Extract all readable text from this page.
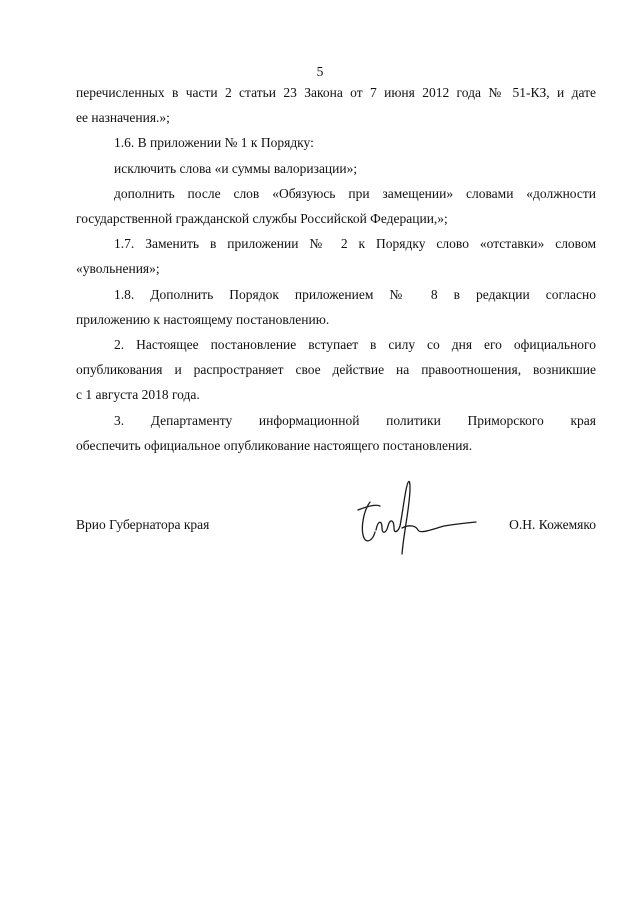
5
перечисленных в части 2 статьи 23 Закона от 7 июня 2012 года № 51-КЗ, и дате
ее назначения.»;
1.6. В приложении № 1 к Порядку:
исключить слова «и суммы валоризации»;
дополнить после слов «Обязуюсь при замещении» словами «должности
государственной гражданской службы Российской Федерации,»;
1.7. Заменить в приложении № 2 к Порядку слово «отставки» словом
«увольнения»;
1.8. Дополнить Порядок приложением № 8 в редакции согласно
приложению к настоящему постановлению.
2. Настоящее постановление вступает в силу со дня его официального
опубликования и распространяет свое действие на правоотношения, возникшие
с 1 августа 2018 года.
3. Департаменту информационной политики Приморского края
обеспечить официальное опубликование настоящего постановления.
Врио Губернатора края	О.Н. Кожемяко
